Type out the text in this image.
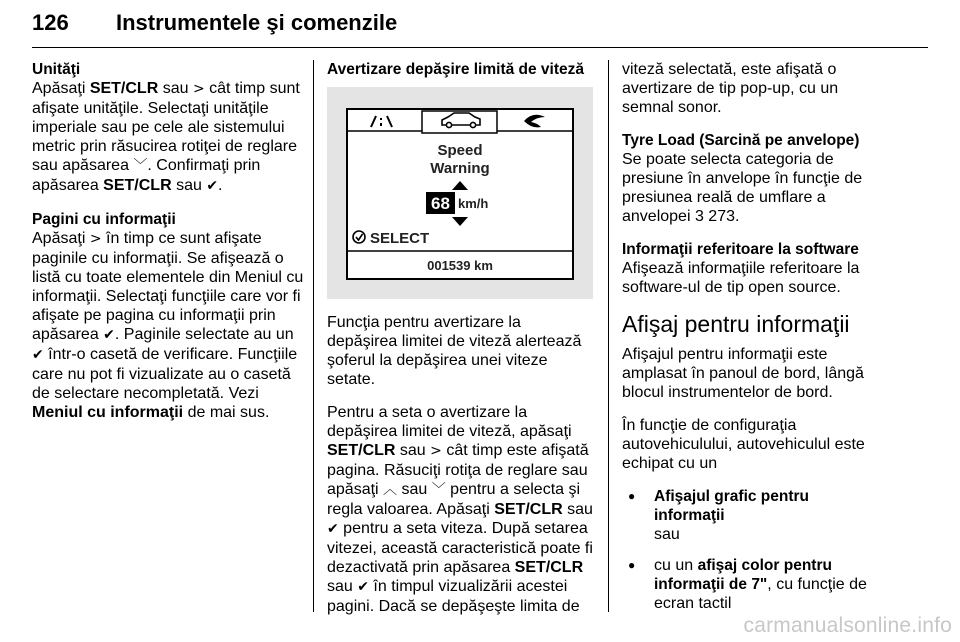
126 Instrumentele şi comenzile

Unităţi
Apăsaţi SET/CLR sau > cât timp sunt afişate unităţile. Selectaţi unităţile imperiale sau pe cele ale sistemului metric prin răsucirea rotiţei de reglare sau apăsarea ﹀. Confirmaţi prin apăsarea SET/CLR sau ✔.

Pagini cu informaţii
Apăsaţi > în timp ce sunt afişate paginile cu informaţii. Se afişează o listă cu toate elementele din Meniul cu informaţii. Selectaţi funcţiile care vor fi afişate pe pagina cu informaţii prin apăsarea ✔. Paginile selectate au un ✔ într-o casetă de verificare. Funcţiile care nu pot fi vizualizate au o casetă de selectare necompletată. Vezi Meniul cu informaţii de mai sus.

Avertizare depăşire limită de viteză
Speed
Warning
68 km/h
SELECT
001539 km

Funcţia pentru avertizare la depăşirea limitei de viteză alertează şoferul la depăşirea unei viteze setate.

Pentru a seta o avertizare la depăşirea limitei de viteză, apăsaţi SET/CLR sau > cât timp este afişată pagina. Răsuciţi rotiţa de reglare sau apăsaţi ︿ sau ﹀ pentru a selecta şi regla valoarea. Apăsaţi SET/CLR sau ✔ pentru a seta viteza. După setarea vitezei, această caracteristică poate fi dezactivată prin apăsarea SET/CLR sau ✔ în timpul vizualizării acestei pagini. Dacă se depăşeşte limita de

viteză selectată, este afişată o avertizare de tip pop-up, cu un semnal sonor.

Tyre Load (Sarcină pe anvelope)
Se poate selecta categoria de presiune în anvelope în funcţie de presiunea reală de umflare a anvelopei 3 273.

Informaţii referitoare la software
Afişează informaţiile referitoare la software-ul de tip open source.

Afişaj pentru informaţii

Afişajul pentru informaţii este amplasat în panoul de bord, lângă blocul instrumentelor de bord.

În funcţie de configuraţia autovehiculului, autovehiculul este echipat cu un

● Afişajul grafic pentru informaţii
sau
● cu un afişaj color pentru informaţii de 7", cu funcţie de ecran tactil
carmanualsonline.info
